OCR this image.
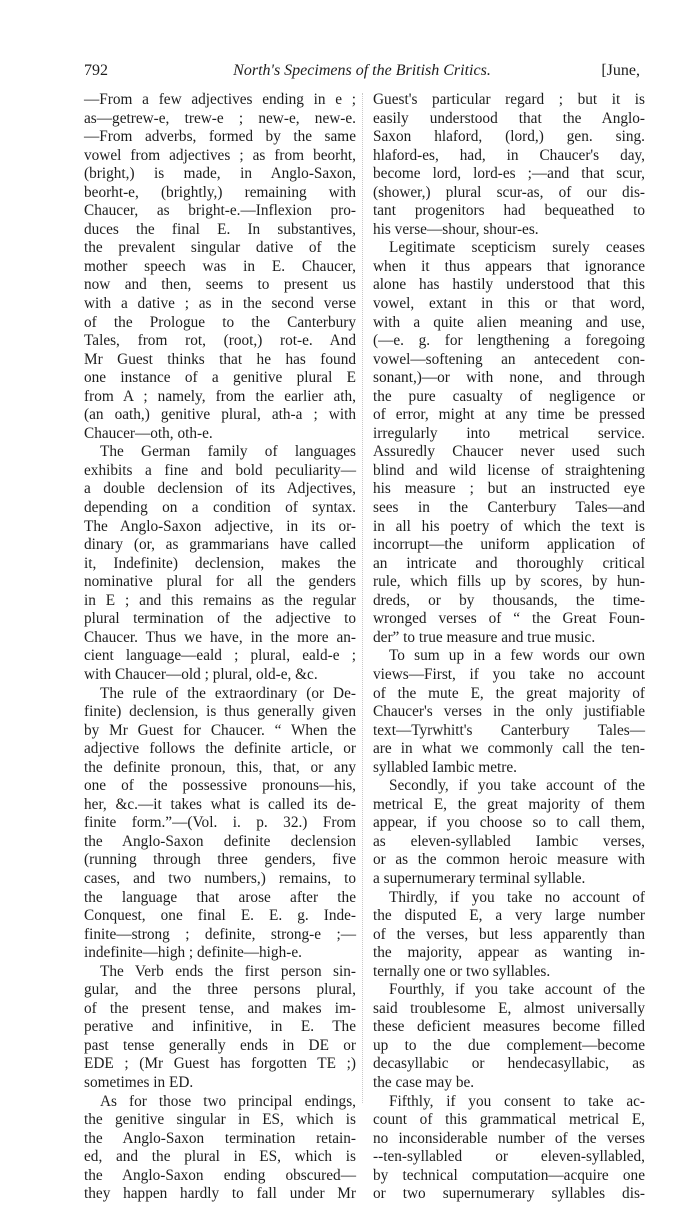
792	North's Specimens of the British Critics.	[June,
—From a few adjectives ending in e ;
as—getrew-e, trew-e ; new-e, new-e.
—From adverbs, formed by the same
vowel from adjectives ; as from beorht,
(bright,) is made, in Anglo-Saxon,
beorht-e, (brightly,) remaining with
Chaucer, as bright-e.—Inflexion pro-
duces the final E. In substantives,
the prevalent singular dative of the
mother speech was in E. Chaucer,
now and then, seems to present us
with a dative ; as in the second verse
of the Prologue to the Canterbury
Tales, from rot, (root,) rot-e. And
Mr Guest thinks that he has found
one instance of a genitive plural E
from A ; namely, from the earlier ath,
(an oath,) genitive plural, ath-a ; with
Chaucer—oth, oth-e.
The German family of languages
exhibits a fine and bold peculiarity—
a double declension of its Adjectives,
depending on a condition of syntax.
The Anglo-Saxon adjective, in its or-
dinary (or, as grammarians have called
it, Indefinite) declension, makes the
nominative plural for all the genders
in E ; and this remains as the regular
plural termination of the adjective to
Chaucer. Thus we have, in the more an-
cient language—eald ; plural, eald-e ;
with Chaucer—old ; plural, old-e, &c.
The rule of the extraordinary (or De-
finite) declension, is thus generally given
by Mr Guest for Chaucer. “ When the
adjective follows the definite article, or
the definite pronoun, this, that, or any
one of the possessive pronouns—his,
her, &c.—it takes what is called its de-
finite form.”—(Vol. i. p. 32.) From
the Anglo-Saxon definite declension
(running through three genders, five
cases, and two numbers,) remains, to
the language that arose after the
Conquest, one final E. E. g. Inde-
finite—strong ; definite, strong-e ;—
indefinite—high ; definite—high-e.
The Verb ends the first person sin-
gular, and the three persons plural,
of the present tense, and makes im-
perative and infinitive, in E. The
past tense generally ends in DE or
EDE ; (Mr Guest has forgotten TE ;)
sometimes in ED.
As for those two principal endings,
the genitive singular in ES, which is
the Anglo-Saxon termination retain-
ed, and the plural in ES, which is
the Anglo-Saxon ending obscured—
they happen hardly to fall under Mr
Guest's particular regard ; but it is
easily understood that the Anglo-
Saxon hlaford, (lord,) gen. sing.
hlaford-es, had, in Chaucer's day,
become lord, lord-es ;—and that scur,
(shower,) plural scur-as, of our dis-
tant progenitors had bequeathed to
his verse—shour, shour-es.
Legitimate scepticism surely ceases
when it thus appears that ignorance
alone has hastily understood that this
vowel, extant in this or that word,
with a quite alien meaning and use,
(—e. g. for lengthening a foregoing
vowel—softening an antecedent con-
sonant,)—or with none, and through
the pure casualty of negligence or
of error, might at any time be pressed
irregularly into metrical service.
Assuredly Chaucer never used such
blind and wild license of straightening
his measure ; but an instructed eye
sees in the Canterbury Tales—and
in all his poetry of which the text is
incorrupt—the uniform application of
an intricate and thoroughly critical
rule, which fills up by scores, by hun-
dreds, or by thousands, the time-
wronged verses of “ the Great Foun-
der” to true measure and true music.
To sum up in a few words our own
views—First, if you take no account
of the mute E, the great majority of
Chaucer's verses in the only justifiable
text—Tyrwhitt's Canterbury Tales—
are in what we commonly call the ten-
syllabled Iambic metre.
Secondly, if you take account of the
metrical E, the great majority of them
appear, if you choose so to call them,
as eleven-syllabled Iambic verses,
or as the common heroic measure with
a supernumerary terminal syllable.
Thirdly, if you take no account of
the disputed E, a very large number
of the verses, but less apparently than
the majority, appear as wanting in-
ternally one or two syllables.
Fourthly, if you take account of the
said troublesome E, almost universally
these deficient measures become filled
up to the due complement—become
decasyllabic or hendecasyllabic, as
the case may be.
Fifthly, if you consent to take ac-
count of this grammatical metrical E,
no inconsiderable number of the verses
--ten-syllabled or eleven-syllabled,
by technical computation—acquire one
or two supernumerary syllables dis-
